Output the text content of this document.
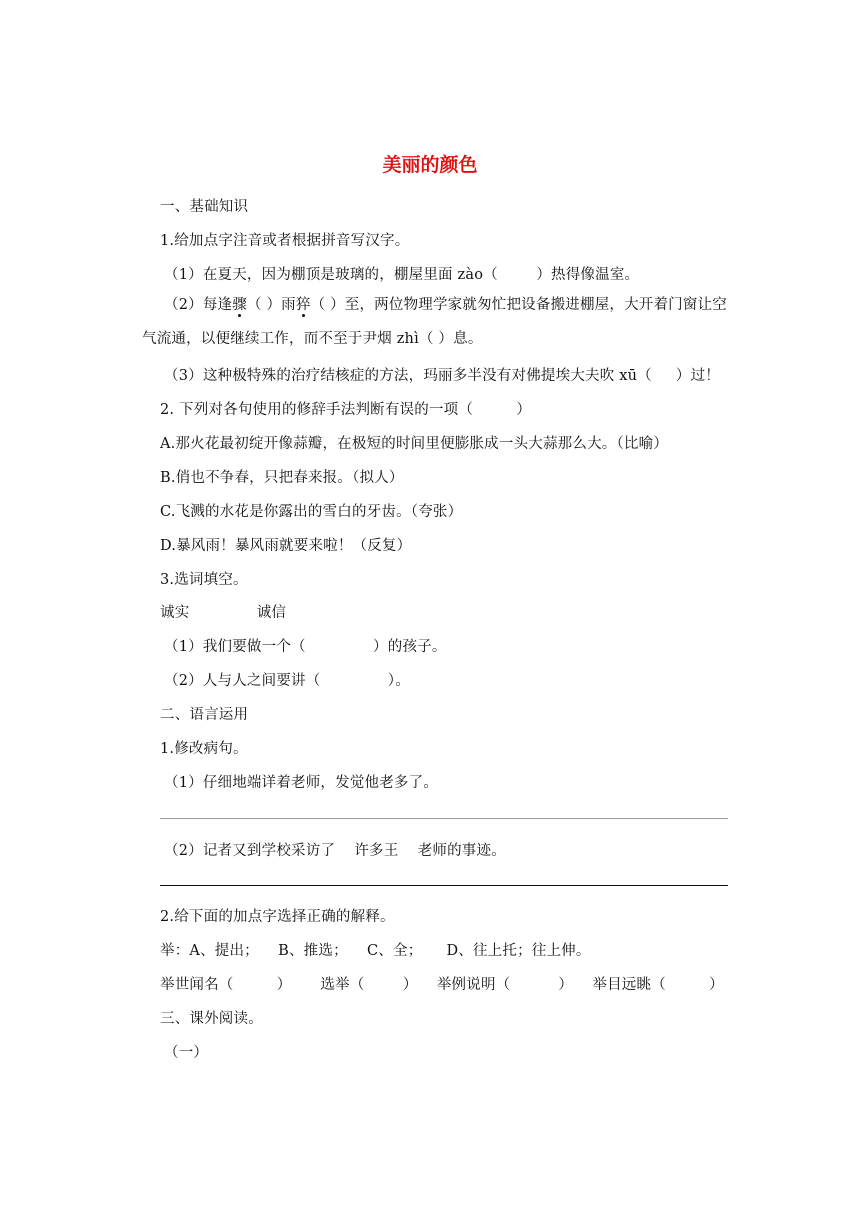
美丽的颜色
一、基础知识
1.给加点字注音或者根据拼音写汉字。
（1）在夏天，因为棚顶是玻璃的，棚屋里面 zào（        ）热得像温室。
（2）每逢骤（ ）雨猝（ ）至，两位物理学家就匆忙把设备搬进棚屋，大开着门窗让空气流通，以便继续工作，而不至于尹烟 zhì（ ）息。
（3）这种极特殊的治疗结核症的方法，玛丽多半没有对佛提埃大夫吹 xū（     ）过！
2. 下列对各句使用的修辞手法判断有误的一项（         ）
A.那火花最初绽开像蒜瓣，在极短的时间里便膨胀成一头大蒜那么大。（比喻）
B.俏也不争春，只把春来报。（拟人）
C.飞溅的水花是你露出的雪白的牙齿。（夸张）
D.暴风雨！暴风雨就要来啦！（反复）
3.选词填空。
诚实              诚信
（1）我们要做一个（              ）的孩子。
（2）人与人之间要讲（              ）。
二、语言运用
1.修改病句。
（1）仔细地端详着老师，发觉他老多了。
（2）记者又到学校采访了    许多王    老师的事迹。
2.给下面的加点字选择正确的解释。
举：A、提出；    B、推选；    C、全；     D、往上托；往上伸。
举世闻名（         ）      选举（        ）    举例说明（          ）    举目远眺（         ）
三、课外阅读。
（一）
